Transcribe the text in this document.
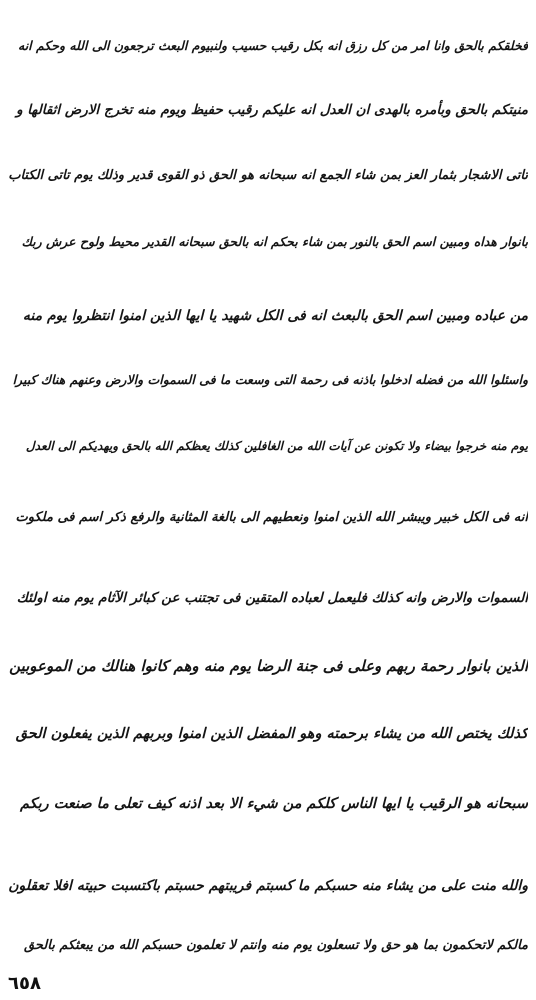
فخلقكم بالحق وانا امر من كل رزق انه بكل رقيب حسيب ولنبيوم البعث ترجعون الى الله وحكم انه
منيتكم بالحق وبأمره بالهدى ان العدل انه عليكم رقيب حفيظ ويوم منه تخرج الارض اثقالها و
تاتى الاشجار بثمار العز بمن شاء الجمع انه سبحانه هو الحق ذو القوى قدير وذلك يوم تاتى الكتاب
بانوار هداه ومبين اسم الحق بالنور بمن شاء بحكم انه بالحق سبحانه القدير محيط ولوح عرش ربك
من عباده ومبين اسم الحق بالبعث انه فى الكل شهيد يا ايها الذين امنوا انتظروا يوم منه
واسئلوا الله من فضله ادخلوا باذنه فى رحمة التى وسعت ما فى السموات والارض وعنهم هناك كبيرا
يوم منه خرجوا بيضاء ولا تكونن عن آيات الله من الغافلين كذلك يعظكم الله بالحق ويهديكم الى العدل
انه فى الكل خبير ويبشر الله الذين امنوا ونعطيهم الى بالغة المثانية والرفع ذكر اسم فى ملكوت
السموات والارض وانه كذلك فليعمل لعباده المتقين فى تجتنب عن كبائر الآثام يوم منه اولئك
الذين بانوار رحمة ربهم وعلى فى جنة الرضا يوم منه وهم كانوا هنالك من الموعوبين
كذلك يختص الله من يشاء برحمته وهو المفضل الذين امنوا وبربهم الذين يفعلون الحق
سبحانه هو الرقيب يا ايها الناس كلكم من شيء الا بعد اذنه كيف تعلى ما صنعت ربكم
والله منت على من يشاء منه حسبكم ما كسبتم فريبتهم حسبتم باكتسبت حبيته افلا تعقلون
مالكم لاتحكمون بما هو حق ولا تسعلون يوم منه وانتم لا تعلمون حسبكم الله من يبعثكم بالحق
٦٥٨
